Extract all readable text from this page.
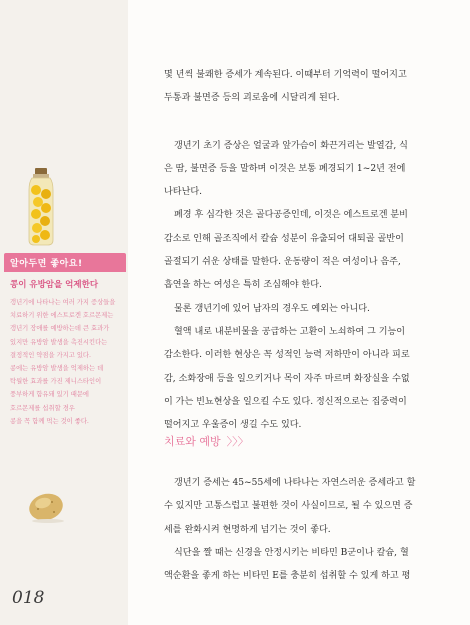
알아두면 좋아요!
콩이 유방암을 억제한다
갱년기에 나타나는 여러 가지 증상들을
치료하기 위한 에스트로겐 호르몬제는
갱년기 장애를 예방하는데 큰 효과가
있지만 유방암 발생을 촉진시킨다는
결정적인 약점을 가지고 있다.
콩에는 유방암 발생을 억제하는 데
탁월한 효과를 가진 제니스타인이
풍부하게 함유돼 있기 때문에
호르몬제를 섭취할 경우
콩을 꼭 함께 먹는 것이 좋다.
018

몇 년씩 불쾌한 증세가 계속된다. 이때부터 기억력이 떨어지고
두통과 불면증 등의 괴로움에 시달리게 된다.

갱년기 초기 증상은 얼굴과 앞가슴이 화끈거리는 발열감, 식
은 땀, 불면증 등을 말하며 이것은 보통 폐경되기 1~2년 전에
나타난다.
폐경 후 심각한 것은 골다공증인데, 이것은 에스트로겐 분비
감소로 인해 골조직에서 칼슘 성분이 유출되어 대퇴골 골반이
골절되기 쉬운 상태를 말한다. 운동량이 적은 여성이나 음주,
흡연을 하는 여성은 특히 조심해야 한다.
물론 갱년기에 있어 남자의 경우도 예외는 아니다.
혈액 내로 내분비물을 공급하는 고환이 노쇠하여 그 기능이
감소한다. 이러한 현상은 꼭 성적인 능력 저하만이 아니라 피로
감, 소화장애 등을 일으키거나 목이 자주 마르며 화장실을 수없
이 가는 빈뇨현상을 일으킬 수도 있다. 정신적으로는 집중력이
떨어지고 우울증이 생길 수도 있다.

치료와 예방 〉〉〉

갱년기 증세는 45~55세에 나타나는 자연스러운 증세라고 할
수 있지만 고통스럽고 불편한 것이 사실이므로, 될 수 있으면 증
세를 완화시켜 현명하게 넘기는 것이 좋다.
식단을 짤 때는 신경을 안정시키는 비타민 B군이나 칼슘, 혈
액순환을 좋게 하는 비타민 E를 충분히 섭취할 수 있게 하고 평
